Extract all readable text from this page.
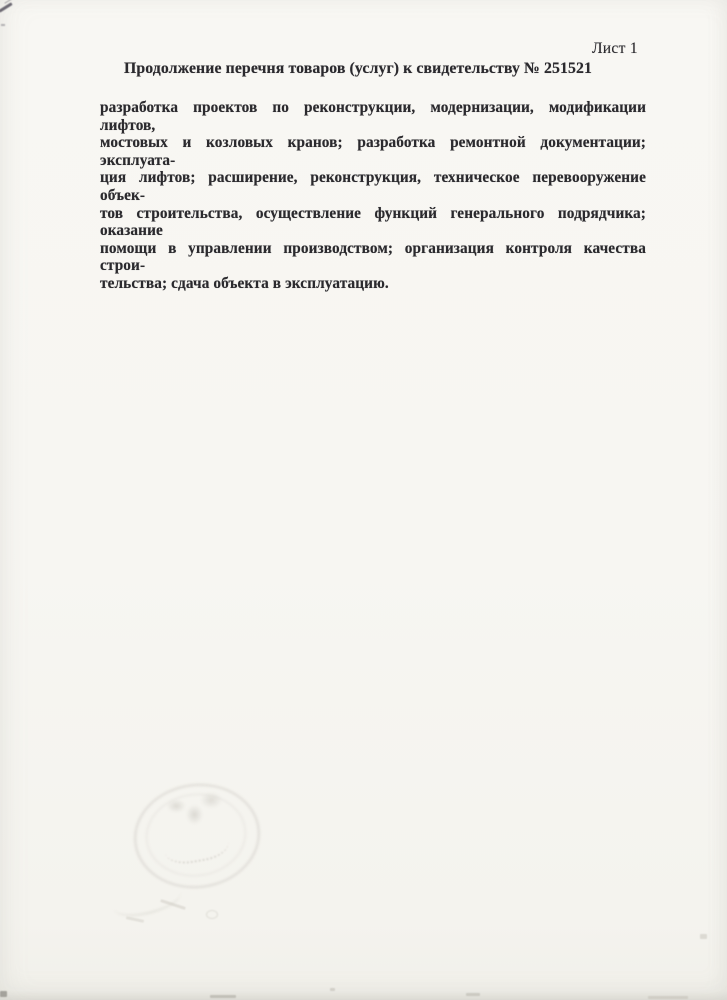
Лист 1
Продолжение перечня товаров (услуг) к свидетельству № 251521
разработка проектов по реконструкции, модернизации, модификации лифтов,
мостовых и козловых кранов; разработка ремонтной документации; эксплуата-
ция лифтов; расширение, реконструкция, техническое перевооружение объек-
тов строительства, осуществление функций генерального подрядчика; оказание
помощи в управлении производством; организация контроля качества строи-
тельства; сдача объекта в эксплуатацию.
